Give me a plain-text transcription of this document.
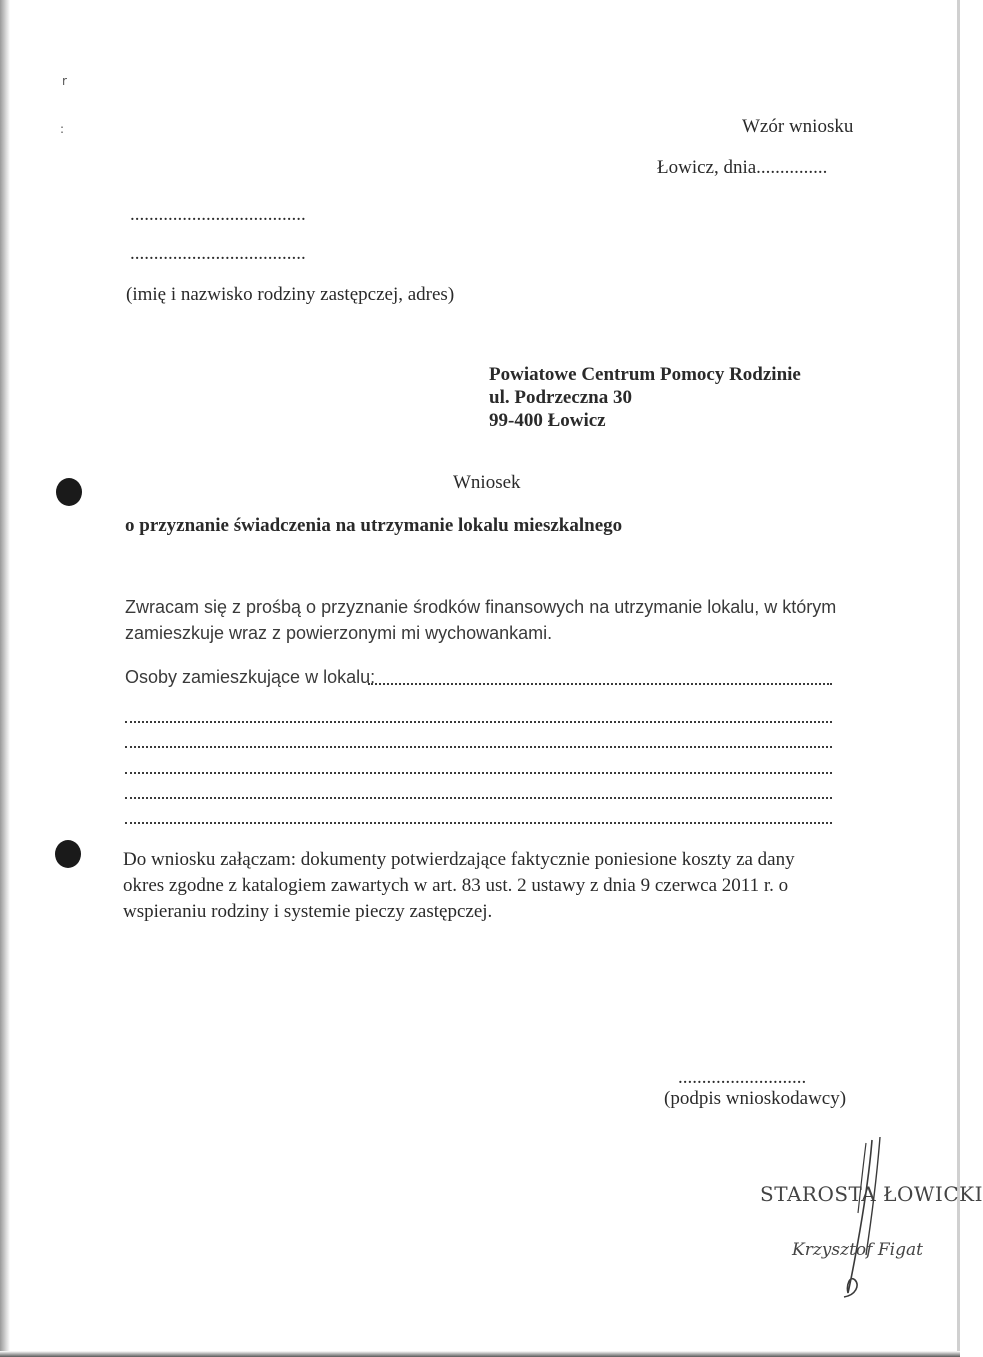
r
:	Wzór wniosku
Łowicz, dnia...............
.....................................
.....................................
(imię i nazwisko rodziny zastępczej, adres)
Powiatowe Centrum Pomocy Rodzinie
ul. Podrzeczna 30
99-400 Łowicz
Wniosek
o przyznanie świadczenia na utrzymanie lokalu mieszkalnego
Zwracam się z prośbą o przyznanie środków finansowych na utrzymanie lokalu, w którym
zamieszkuje wraz z powierzonymi mi wychowankami.
Osoby zamieszkujące w lokalu:
Do wniosku załączam: dokumenty potwierdzające faktycznie poniesione koszty za dany
okres zgodne z katalogiem zawartych w art. 83 ust. 2 ustawy z dnia 9 czerwca 2011 r. o
wspieraniu rodziny i systemie pieczy zastępczej.
...........................
(podpis wnioskodawcy)
STAROSTA ŁOWICKI
Krzysztof Figat
